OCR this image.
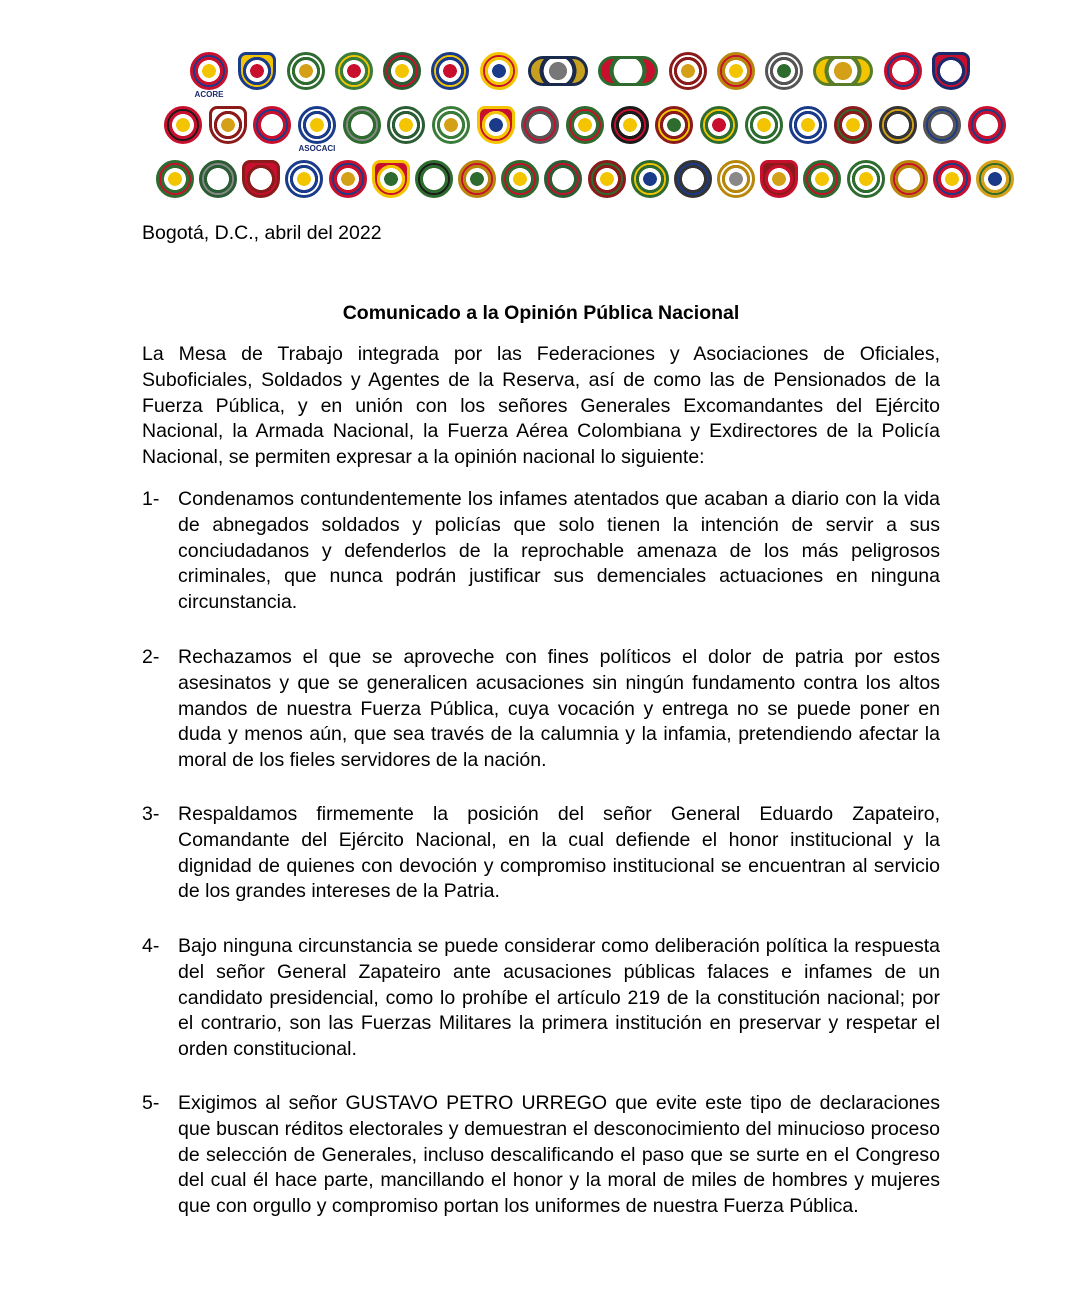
ACORE
ASOCACI
Bogotá, D.C., abril del 2022
Comunicado a la Opinión Pública Nacional

La Mesa de Trabajo integrada por las Federaciones y Asociaciones de Oficiales, Suboficiales, Soldados y Agentes de la Reserva, así de como las de Pensionados de la Fuerza Pública, y en unión con los señores Generales Excomandantes del Ejército Nacional, la Armada Nacional, la Fuerza Aérea Colombiana y Exdirectores de la Policía Nacional, se permiten expresar a la opinión nacional lo siguiente:

1- Condenamos contundentemente los infames atentados que acaban a diario con la vida de abnegados soldados y policías que solo tienen la intención de servir a sus conciudadanos y defenderlos de la reprochable amenaza de los más peligrosos criminales, que nunca podrán justificar sus demenciales actuaciones en ninguna circunstancia.
2- Rechazamos el que se aproveche con fines políticos el dolor de patria por estos asesinatos y que se generalicen acusaciones sin ningún fundamento contra los altos mandos de nuestra Fuerza Pública, cuya vocación y entrega no se puede poner en duda y menos aún, que sea través de la calumnia y la infamia, pretendiendo afectar la moral de los fieles servidores de la nación.
3- Respaldamos firmemente la posición del señor General Eduardo Zapateiro, Comandante del Ejército Nacional, en la cual defiende el honor institucional y la dignidad de quienes con devoción y compromiso institucional se encuentran al servicio de los grandes intereses de la Patria.
4- Bajo ninguna circunstancia se puede considerar como deliberación política la respuesta del señor General Zapateiro ante acusaciones públicas falaces e infames de un candidato presidencial, como lo prohíbe el artículo 219 de la constitución nacional; por el contrario, son las Fuerzas Militares la primera institución en preservar y respetar el orden constitucional.
5- Exigimos al señor GUSTAVO PETRO URREGO que evite este tipo de declaraciones que buscan réditos electorales y demuestran el desconocimiento del minucioso proceso de selección de Generales, incluso descalificando el paso que se surte en el Congreso del cual él hace parte, mancillando el honor y la moral de miles de hombres y mujeres que con orgullo y compromiso portan los uniformes de nuestra Fuerza Pública.
